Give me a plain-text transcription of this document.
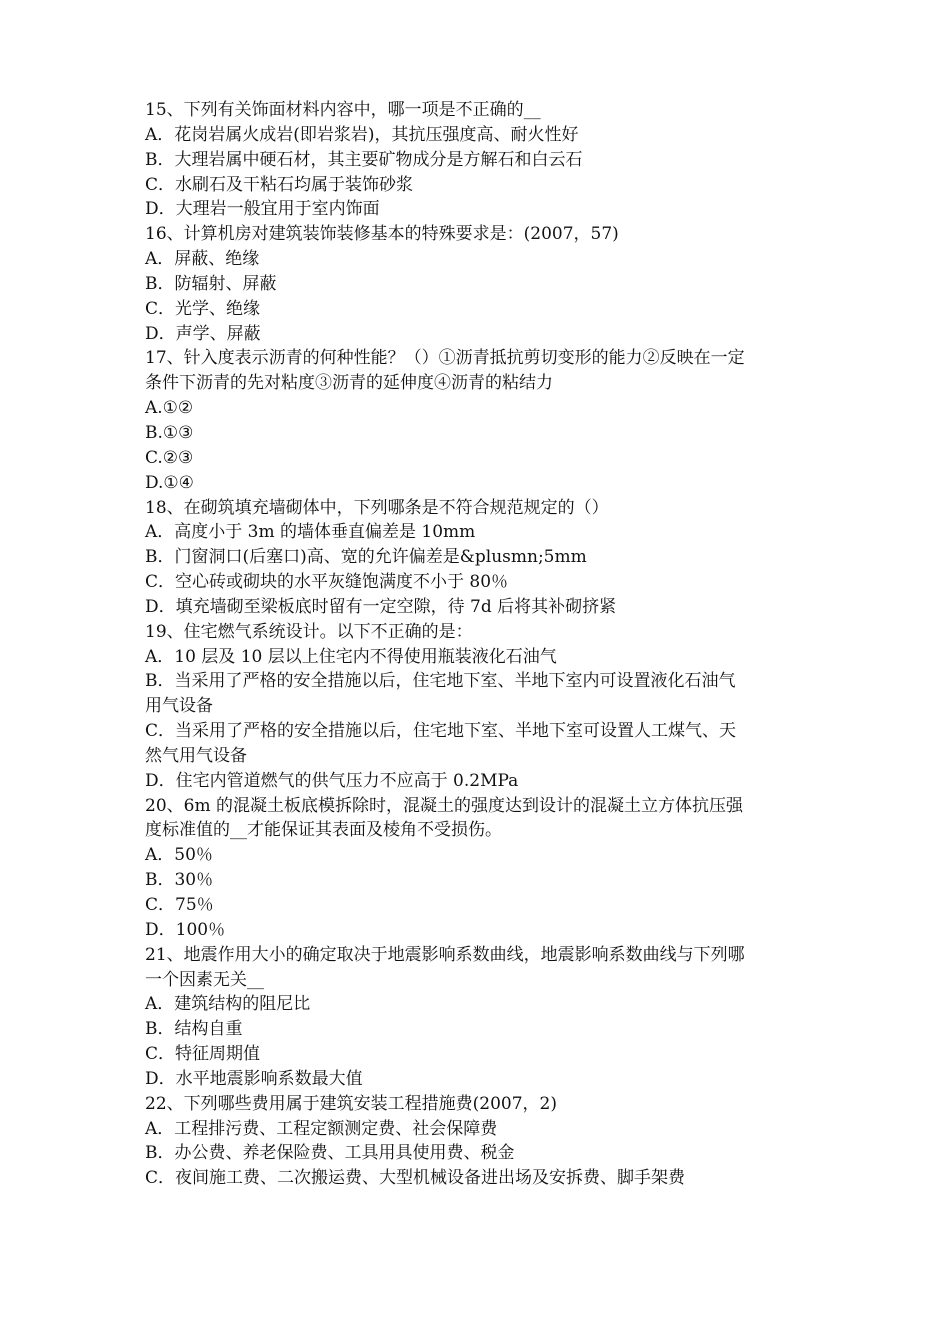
15、下列有关饰面材料内容中，哪一项是不正确的__
A．花岗岩属火成岩(即岩浆岩)，其抗压强度高、耐火性好
B．大理岩属中硬石材，其主要矿物成分是方解石和白云石
C．水刷石及干粘石均属于装饰砂浆
D．大理岩一般宜用于室内饰面
16、计算机房对建筑装饰装修基本的特殊要求是：(2007，57)
A．屏蔽、绝缘
B．防辐射、屏蔽
C．光学、绝缘
D．声学、屏蔽
17、针入度表示沥青的何种性能？（）①沥青抵抗剪切变形的能力②反映在一定
条件下沥青的先对粘度③沥青的延伸度④沥青的粘结力
A.①②
B.①③
C.②③
D.①④
18、在砌筑填充墙砌体中，下列哪条是不符合规范规定的（）
A．高度小于 3m 的墙体垂直偏差是 10mm
B．门窗洞口(后塞口)高、宽的允许偏差是&plusmn;5mm
C．空心砖或砌块的水平灰缝饱满度不小于 80％
D．填充墙砌至梁板底时留有一定空隙，待 7d 后将其补砌挤紧
19、住宅燃气系统设计。以下不正确的是：
A．10 层及 10 层以上住宅内不得使用瓶装液化石油气
B．当采用了严格的安全措施以后，住宅地下室、半地下室内可设置液化石油气
用气设备
C．当采用了严格的安全措施以后，住宅地下室、半地下室可设置人工煤气、天
然气用气设备
D．住宅内管道燃气的供气压力不应高于 0.2MPa
20、6m 的混凝土板底模拆除时，混凝土的强度达到设计的混凝土立方体抗压强
度标准值的__才能保证其表面及棱角不受损伤。
A．50％
B．30％
C．75％
D．100％
21、地震作用大小的确定取决于地震影响系数曲线，地震影响系数曲线与下列哪
一个因素无关__
A．建筑结构的阻尼比
B．结构自重
C．特征周期值
D．水平地震影响系数最大值
22、下列哪些费用属于建筑安装工程措施费(2007，2)
A．工程排污费、工程定额测定费、社会保障费
B．办公费、养老保险费、工具用具使用费、税金
C．夜间施工费、二次搬运费、大型机械设备进出场及安拆费、脚手架费
